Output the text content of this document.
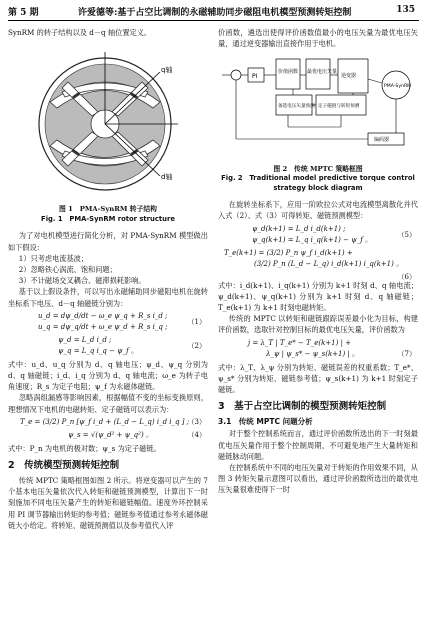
第 5 期	许爱德等:基于占空比调制的永磁辅助同步磁阻电机模型预测转矩控制	135

SynRM 的转子结构以及 d－q 轴位置定义。

q轴
d轴
图 1　PMA-SynRM 转子结构
Fig. 1　PMA-SynRM rotor structure

为了对电机模型进行简化分析，对 PMA-SynRM 模型做出如下假设：

1）只考虑电流基波；

2）忽略铁心涡流、饱和问题；

3）不计磁场交叉耦合、磁滞损耗影响。

基于以上假设条件，可以写出永磁辅助同步磁阻电机在旋转坐标系下电压、d－q 轴磁链分别为：

u_d = dψ_d/dt − ω_e ψ_q + R_s i_d ;
u_q = dψ_q/dt + ω_e ψ_d + R_s i_q ;
（1）
ψ_d = L_d i_d ;
ψ_q = L_q i_q − ψ_f 。
（2）

式中：u_d、u_q 分别为 d、q 轴电压；ψ_d、ψ_q 分别为 d、q 轴磁链；i_d、i_q 分别为 d、q 轴电流；ω_e 为转子电角速度；R_s 为定子电阻；ψ_f 为永磁体磁链。

忽略涡组漏感等影响因素，根据幅值不变的坐标变换原则，理想情况下电机的电磁转矩、定子磁链可以表示为：

T_e = (3/2) P_n [ψ_f i_d + (L_d − L_q) i_d i_q ] ;
（3）
ψ_s = √(ψ_d² + ψ_q²) 。	（4）

式中：P_n 为电机的极对数；ψ_s 为定子磁链。

2　传统模型预测转矩控制

传统 MPTC 策略框图如图 2 所示。将逆变器可以产生的 7 个基本电压矢量依次代入转矩和磁链预测模型，计算出下一时刻施加不同电压矢量产生的转矩和磁链幅值。速度外环控制采用 PI 调节器输出转矩的参考值；磁链参考值通过参考永磁体磁链大小给定。将转矩、磁链预测值以及参考值代入评

价函数，遴选出使得评价函数值最小的电压矢量为最优电压矢量，通过逆变器输出直接作用于电机。

PI
价值函数 最优电压矢量
逆变器
备选电压矢量预测 定子磁链与转矩预测
PMA-SynRM
编码器
图 2　传统 MPTC 策略框图
Fig. 2　Traditional model predictive torque control
strategy block diagram

在旋转坐标系下，应用一阶欧拉公式对电流模型离散化并代入式（2）、式（3）可得转矩、磁链预测模型：

ψ_d(k+1) = L_d i_d(k+1) ;
ψ_q(k+1) = L_q i_q(k+1) − ψ_f 。
（5）
T_e(k+1) = (3/2) P_n ψ_f i_d(k+1) +
(3/2) P_n (L_d − L_q) i_d(k+1) i_q(k+1) 。
（6）

式中：i_d(k+1)、i_q(k+1) 分别为 k+1 时刻 d、q 轴电流；ψ_d(k+1)、ψ_q(k+1) 分别为 k+1 时刻 d、q 轴磁链；T_e(k+1) 为 k+1 时刻电磁转矩。

传统的 MPTC 以转矩和磁链跟踪误差最小化为目标，构建评价函数，选取针对控制目标的最优电压矢量，评价函数为

j = λ_T | T_e* − T_e(k+1) | +
λ_ψ | ψ_s* − ψ_s(k+1) | 。	（7）

式中：λ_T、λ_ψ 分别为转矩、磁链误差的权重系数；T_e*、ψ_s* 分别为转矩、磁链参考值；ψ_s(k+1) 为 k+1 时刻定子磁链。

3　基于占空比调制的模型预测转矩控制
3.1　传统 MPTC 问题分析

对于整个控制系统而言，通过评价函数所选出的下一时刻最优电压矢量作用于整个控制周期，不可避免地产生大量转矩和磁链脉动问题。

在控制系统中不同的电压矢量对于转矩的作用效果不同，从图 3 转矩矢量示意图可以看出，通过评价函数所选出的最优电压矢量很难使得下一时
